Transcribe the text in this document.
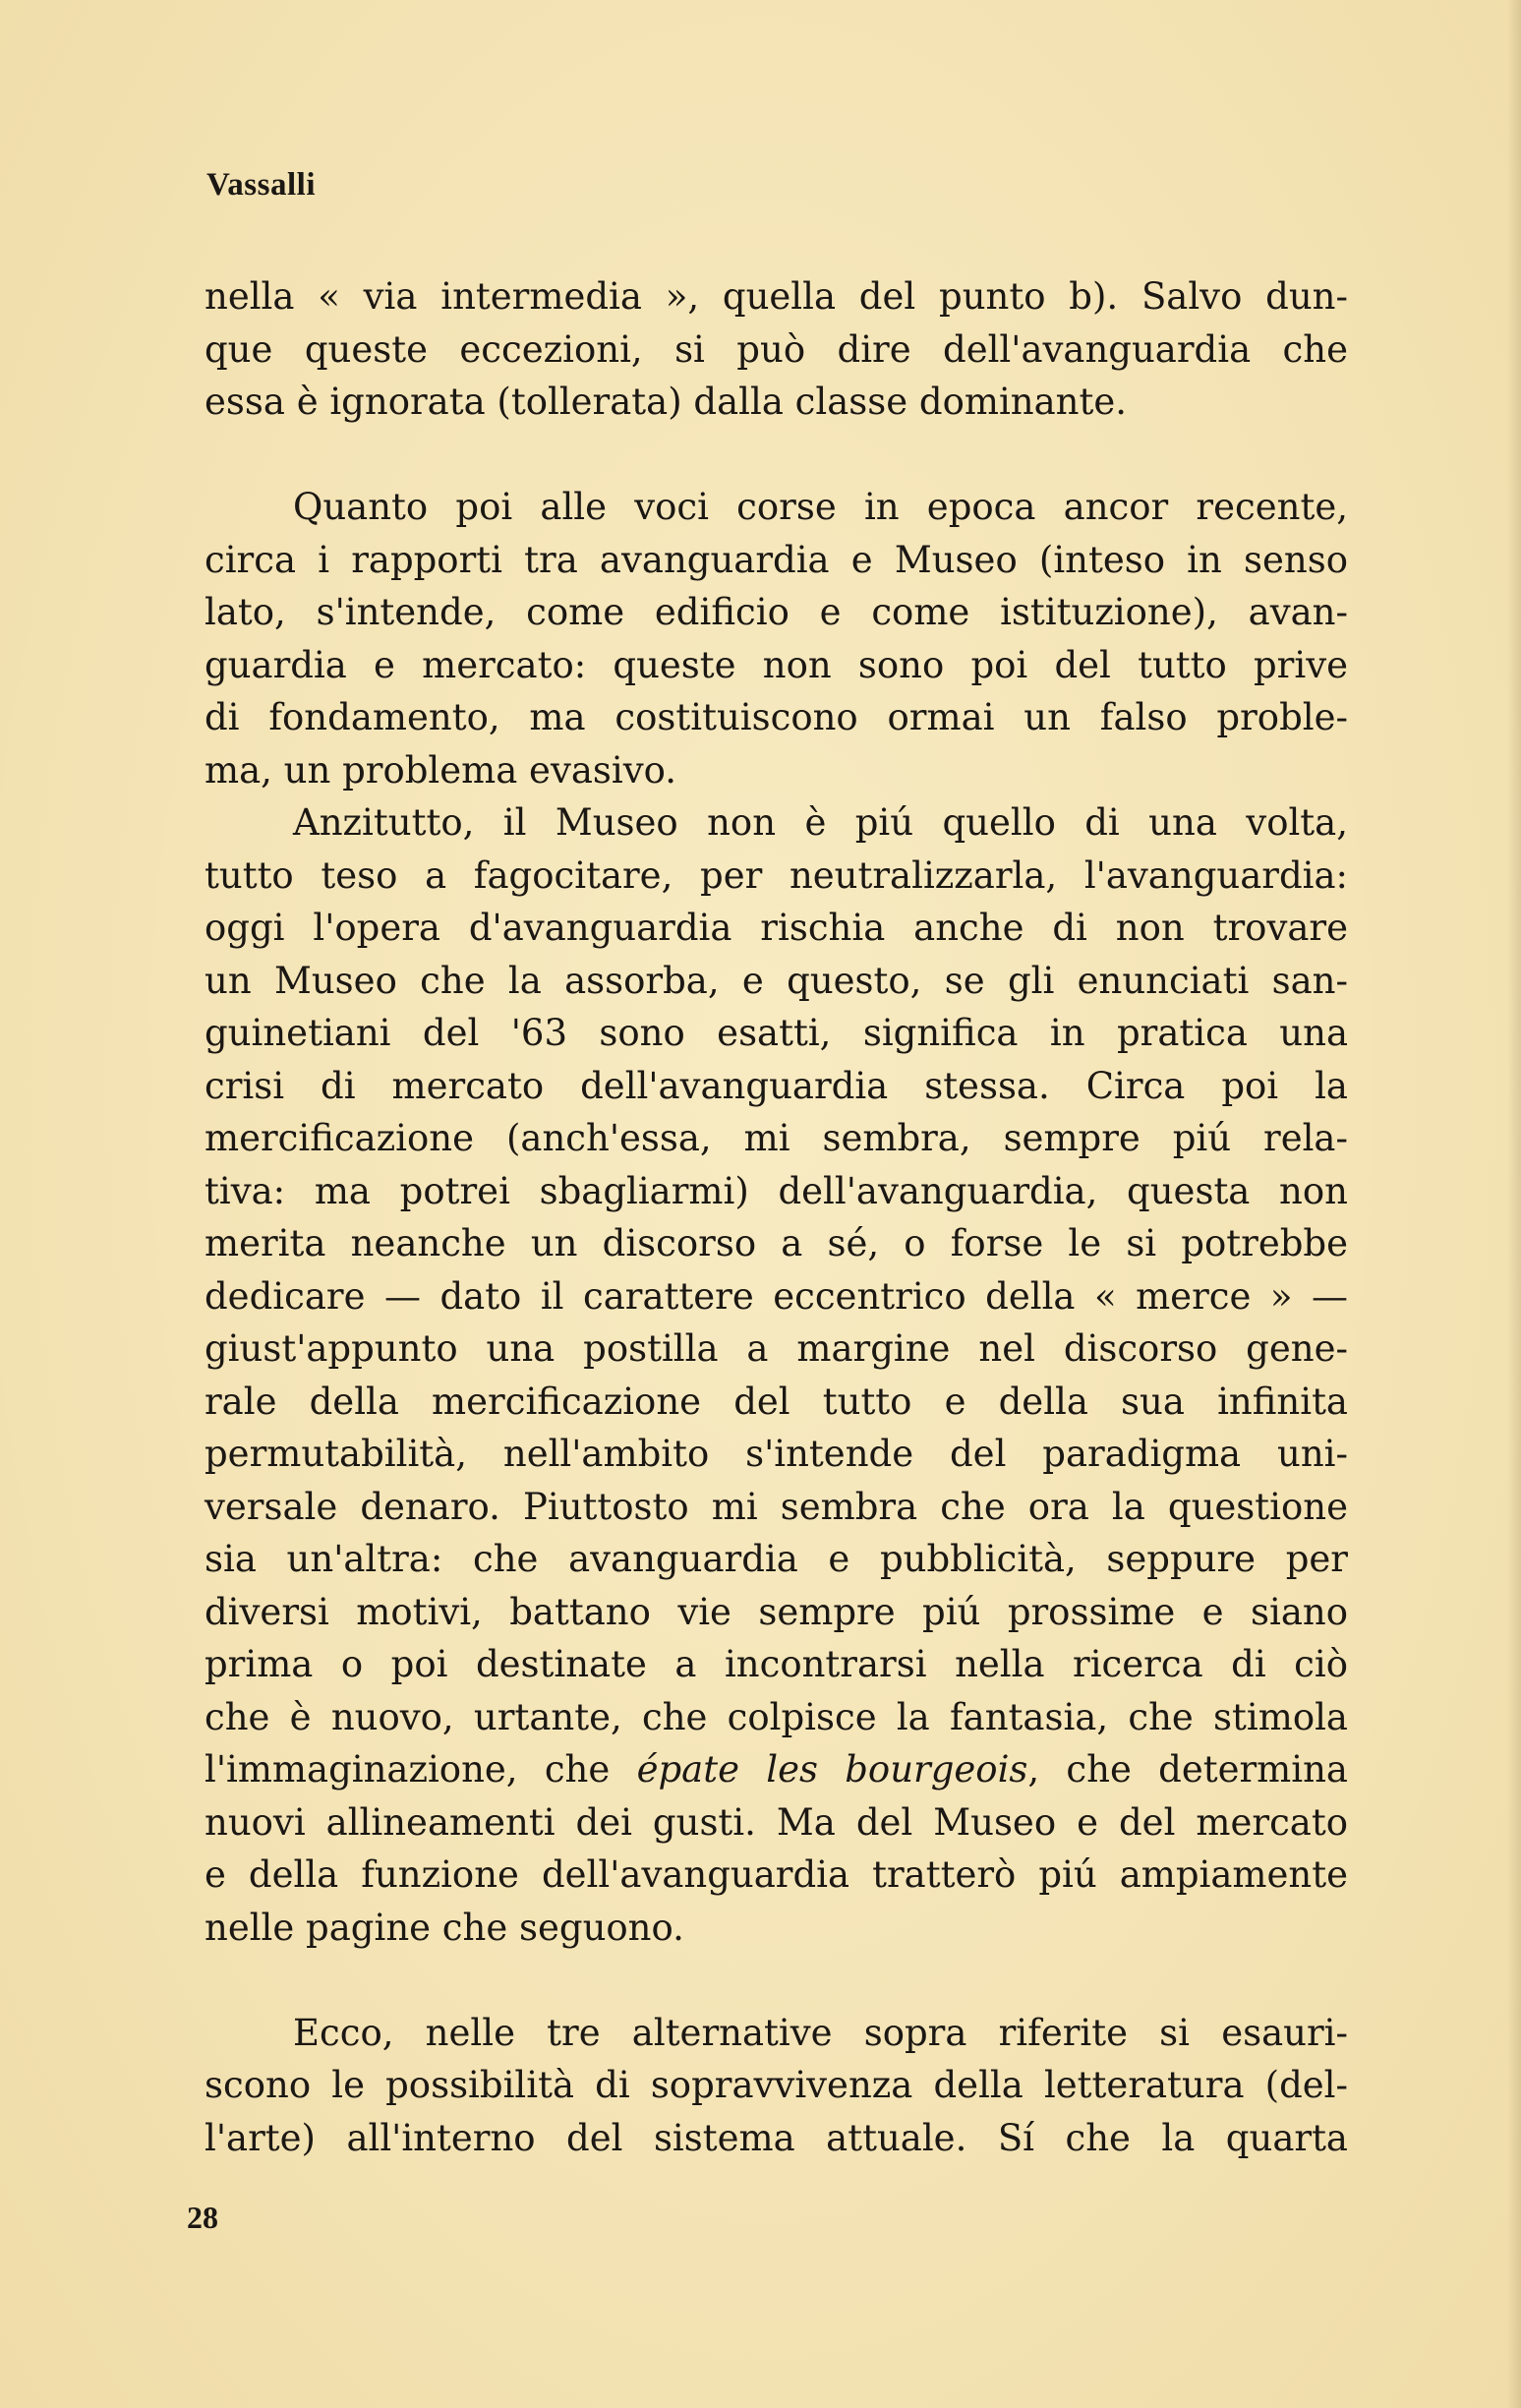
Vassalli
nella « via intermedia », quella del punto b). Salvo dun-
que queste eccezioni, si può dire dell'avanguardia che
essa è ignorata (tollerata) dalla classe dominante.
Quanto poi alle voci corse in epoca ancor recente,
circa i rapporti tra avanguardia e Museo (inteso in senso
lato, s'intende, come edificio e come istituzione), avan-
guardia e mercato: queste non sono poi del tutto prive
di fondamento, ma costituiscono ormai un falso proble-
ma, un problema evasivo.
Anzitutto, il Museo non è piú quello di una volta,
tutto teso a fagocitare, per neutralizzarla, l'avanguardia:
oggi l'opera d'avanguardia rischia anche di non trovare
un Museo che la assorba, e questo, se gli enunciati san-
guinetiani del '63 sono esatti, significa in pratica una
crisi di mercato dell'avanguardia stessa. Circa poi la
mercificazione (anch'essa, mi sembra, sempre piú rela-
tiva: ma potrei sbagliarmi) dell'avanguardia, questa non
merita neanche un discorso a sé, o forse le si potrebbe
dedicare — dato il carattere eccentrico della « merce » —
giust'appunto una postilla a margine nel discorso gene-
rale della mercificazione del tutto e della sua infinita
permutabilità, nell'ambito s'intende del paradigma uni-
versale denaro. Piuttosto mi sembra che ora la questione
sia un'altra: che avanguardia e pubblicità, seppure per
diversi motivi, battano vie sempre piú prossime e siano
prima o poi destinate a incontrarsi nella ricerca di ciò
che è nuovo, urtante, che colpisce la fantasia, che stimola
l'immaginazione, che épate les bourgeois, che determina
nuovi allineamenti dei gusti. Ma del Museo e del mercato
e della funzione dell'avanguardia tratterò piú ampiamente
nelle pagine che seguono.
Ecco, nelle tre alternative sopra riferite si esauri-
scono le possibilità di sopravvivenza della letteratura (del-
l'arte) all'interno del sistema attuale. Sí che la quarta
28
